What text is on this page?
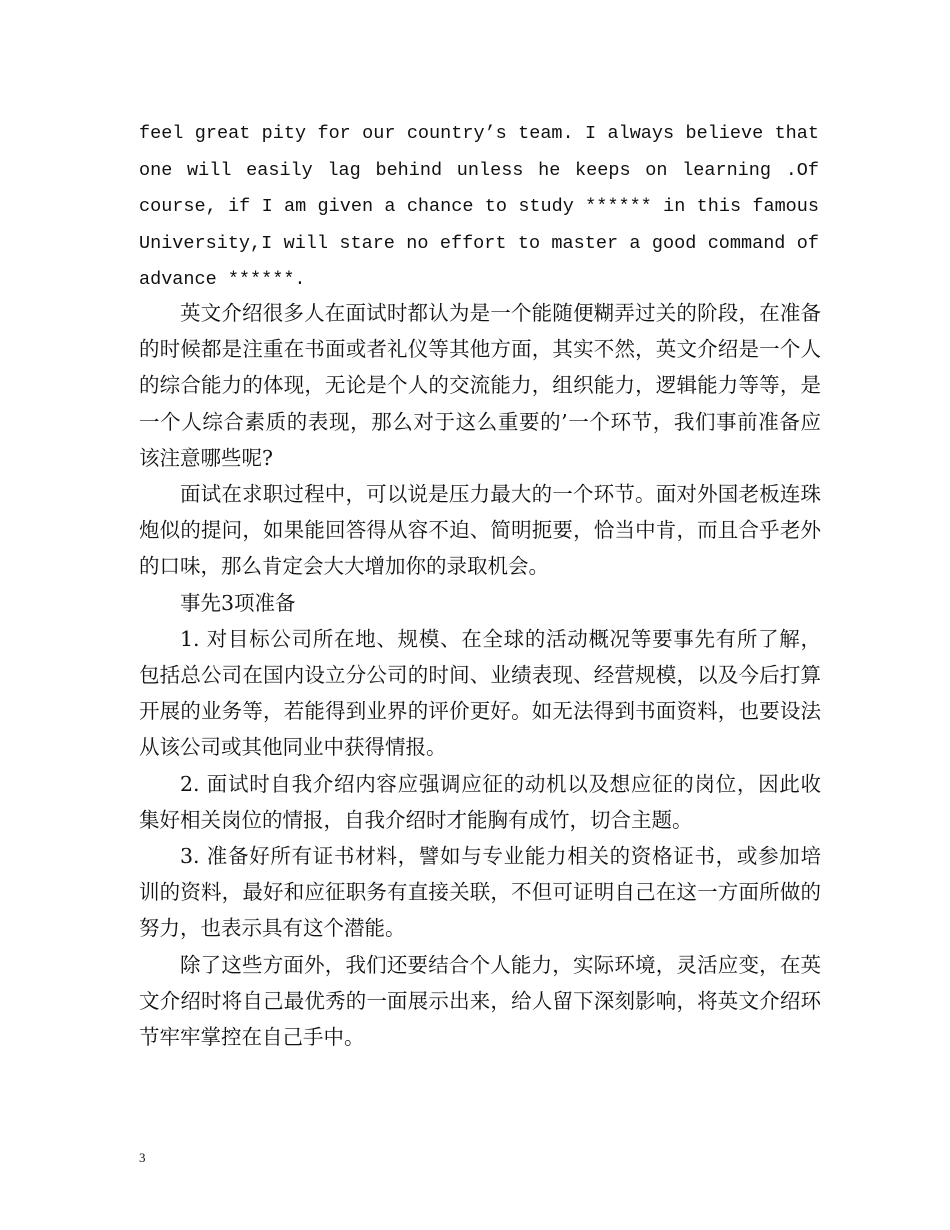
feel great pity for our country’s team. I always believe that
one will easily lag behind unless he keeps on learning .Of
course, if I am given a chance to study ****** in this famous
University,I will stare no effort to master a good command of
advance ******.

英文介绍很多人在面试时都认为是一个能随便糊弄过关的阶段，在准备的时候都是注重在书面或者礼仪等其他方面，其实不然，英文介绍是一个人的综合能力的体现，无论是个人的交流能力，组织能力，逻辑能力等等，是一个人综合素质的表现，那么对于这么重要的’一个环节，我们事前准备应该注意哪些呢?

面试在求职过程中，可以说是压力最大的一个环节。面对外国老板连珠炮似的提问，如果能回答得从容不迫、简明扼要，恰当中肯，而且合乎老外的口味，那么肯定会大大增加你的录取机会。

事先3项准备

1. 对目标公司所在地、规模、在全球的活动概况等要事先有所了解，包括总公司在国内设立分公司的时间、业绩表现、经营规模，以及今后打算开展的业务等，若能得到业界的评价更好。如无法得到书面资料，也要设法从该公司或其他同业中获得情报。

2. 面试时自我介绍内容应强调应征的动机以及想应征的岗位，因此收集好相关岗位的情报，自我介绍时才能胸有成竹，切合主题。

3. 准备好所有证书材料，譬如与专业能力相关的资格证书，或参加培训的资料，最好和应征职务有直接关联，不但可证明自己在这一方面所做的努力，也表示具有这个潜能。

除了这些方面外，我们还要结合个人能力，实际环境，灵活应变，在英文介绍时将自己最优秀的一面展示出来，给人留下深刻影响，将英文介绍环节牢牢掌控在自己手中。

3
